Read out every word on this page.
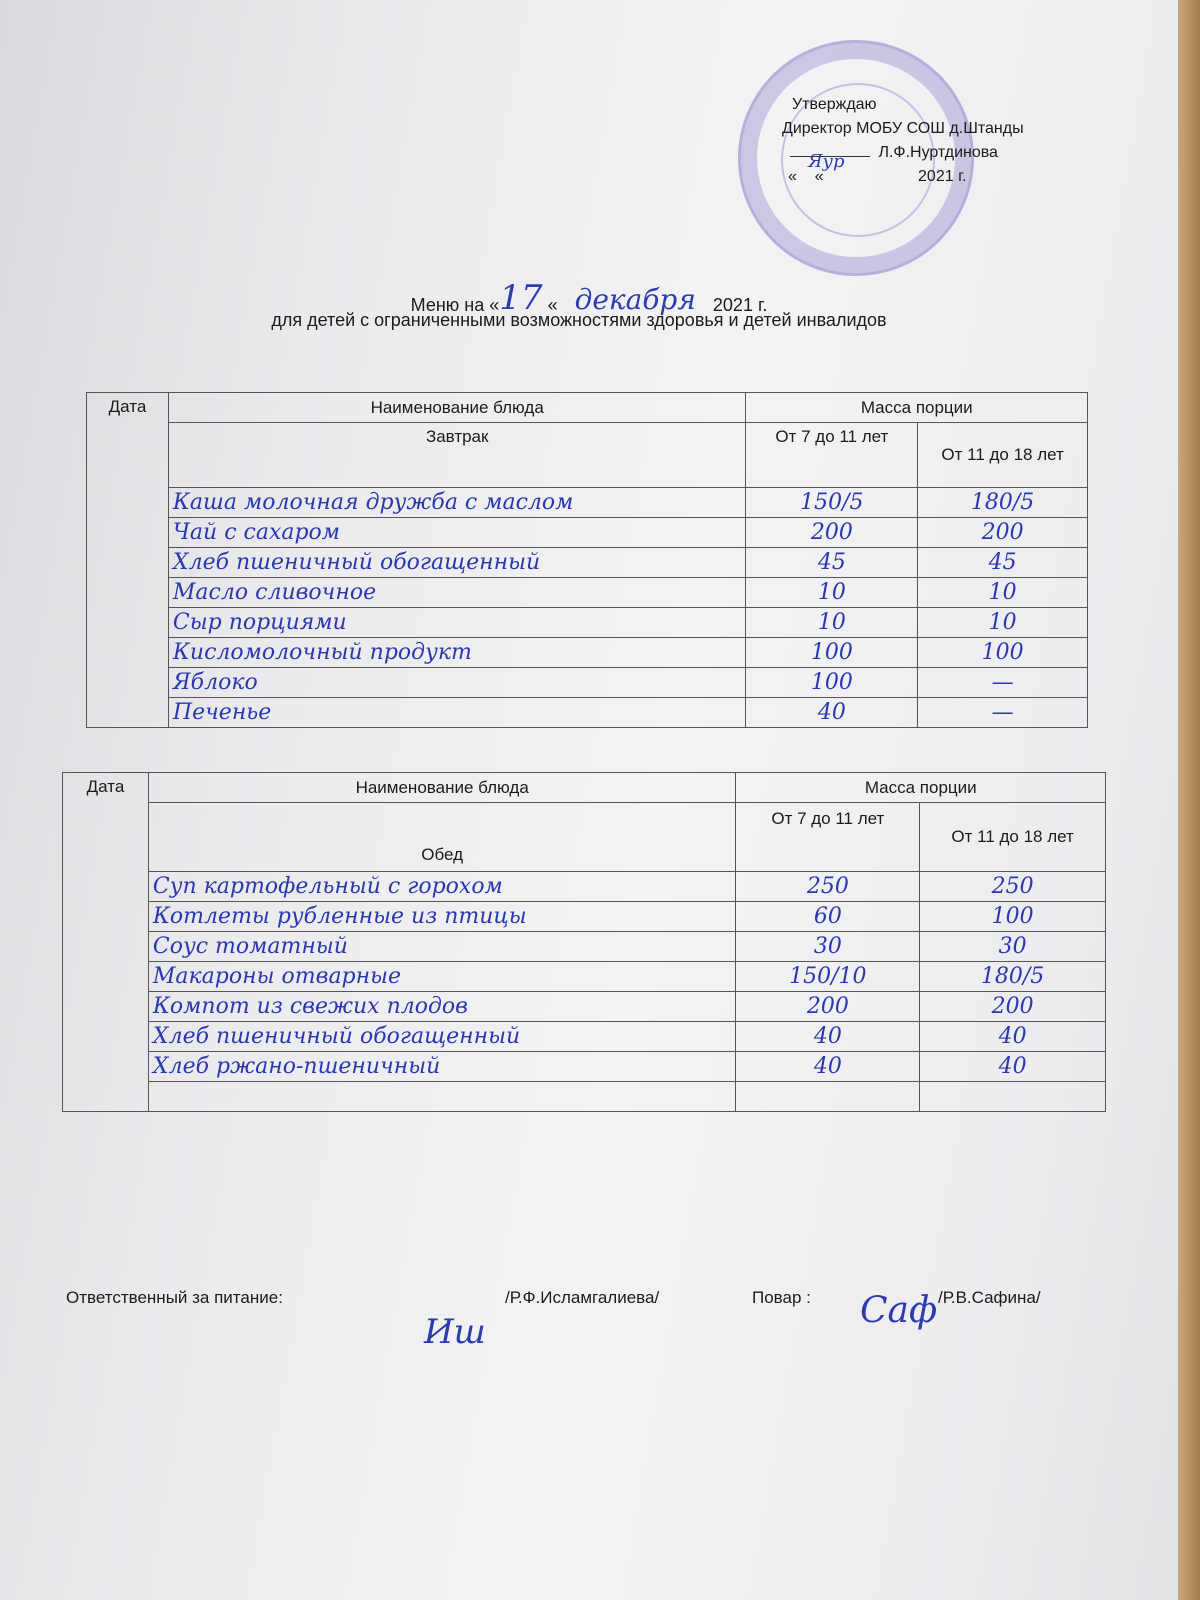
Утверждаю
Директор МОБУ СОШ д.Штанды
Яур Л.Ф.Нуртдинова
«    «	2021 г.
Меню на «17 « декабря 2021 г.
для детей с ограниченными возможностями здоровья и детей инвалидов
Дата	Наименование блюда	Масса порции	
	Завтрак	От 7 до 11 лет	От 11 до 18 лет
	Каша молочная дружба с маслом	150/5	180/5
	Чай с сахаром	200	200
	Хлеб пшеничный обогащенный	45	45
	Масло сливочное	10	10
	Сыр порциями	10	10
	Кисломолочный продукт	100	100
	Яблоко	100	—
	Печенье	40	—
Дата	Наименование блюда	Масса порции	
	Обед	От 7 до 11 лет	От 11 до 18 лет
	Суп картофельный с горохом	250	250
	Котлеты рубленные из птицы	60	100
	Соус томатный	30	30
	Макароны отварные	150/10	180/5
	Компот из свежих плодов	200	200
	Хлеб пшеничный обогащенный	40	40
	Хлеб ржано-пшеничный	40	40

Ответственный за питание:	/Р.Ф.Исламгалиева/	Повар :	/Р.В.Сафина/
Иш
Саф
